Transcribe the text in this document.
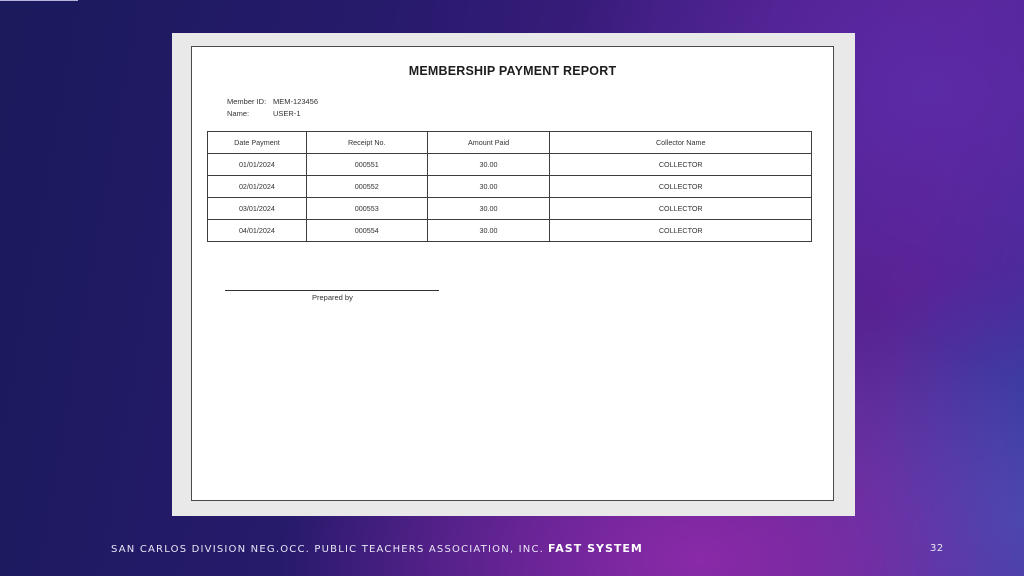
MEMBERSHIP PAYMENT REPORT
Member ID: MEM-123456
Name:	USER-1
Date Payment	Receipt No.	Amount Paid	Collector Name
01/01/2024	000551	30.00	COLLECTOR
02/01/2024	000552	30.00	COLLECTOR
03/01/2024	000553	30.00	COLLECTOR
04/01/2024	000554	30.00	COLLECTOR
Prepared by
SAN CARLOS DIVISION NEG.OCC. PUBLIC TEACHERS ASSOCIATION, INC. FAST SYSTEM	32
